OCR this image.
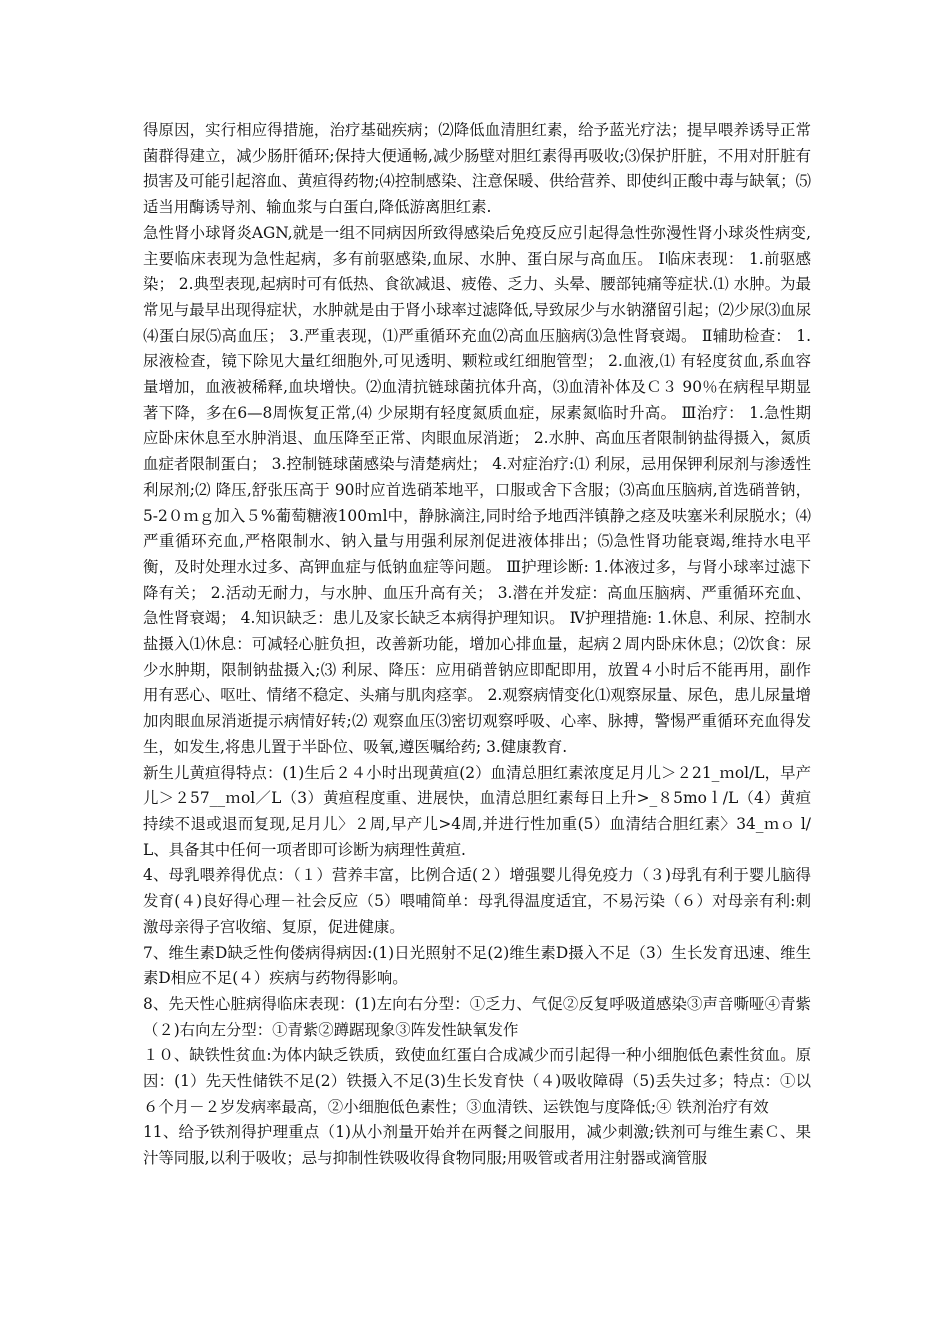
得原因，实行相应得措施，治疗基础疾病；⑵降低血清胆红素，给予蓝光疗法；提早喂养诱导正常菌群得建立，减少肠肝循环;保持大便通畅,减少肠壁对胆红素得再吸收;⑶保护肝脏，不用对肝脏有损害及可能引起溶血、黄疸得药物;⑷控制感染、注意保暖、供给营养、即使纠正酸中毒与缺氧；⑸适当用酶诱导剂、输血浆与白蛋白,降低游离胆红素.

急性肾小球肾炎AGN,就是一组不同病因所致得感染后免疫反应引起得急性弥漫性肾小球炎性病变,主要临床表现为急性起病，多有前驱感染,血尿、水肿、蛋白尿与高血压。 Ⅰ临床表现： 1.前驱感染； 2.典型表现,起病时可有低热、食欲减退、疲倦、乏力、头晕、腰部钝痛等症状.⑴ 水肿。为最常见与最早出现得症状，水肿就是由于肾小球率过滤降低,导致尿少与水钠潴留引起；⑵少尿⑶血尿⑷蛋白尿⑸高血压； 3.严重表现，⑴严重循环充血⑵高血压脑病⑶急性肾衰竭。 Ⅱ辅助检查： 1.尿液检查，镜下除见大量红细胞外,可见透明、颗粒或红细胞管型； 2.血液,⑴ 有轻度贫血,系血容量增加，血液被稀释,血块增快。⑵血清抗链球菌抗体升高，⑶血清补体及Ｃ３ 90％在病程早期显著下降，多在6—8周恢复正常,⑷ 少尿期有轻度氮质血症，尿素氮临时升高。 Ⅲ治疗： 1.急性期应卧床休息至水肿消退、血压降至正常、肉眼血尿消逝； 2.水肿、高血压者限制钠盐得摄入，氮质血症者限制蛋白； 3.控制链球菌感染与清楚病灶； 4.对症治疗:⑴ 利尿，忌用保钾利尿剂与渗透性利尿剂;⑵ 降压,舒张压高于 90时应首选硝苯地平，口服或舍下含服；⑶高血压脑病,首选硝普钠，5-2０ｍｇ加入５%葡萄糖液100ｍl中，静脉滴注,同时给予地西泮镇静之痉及呋塞米利尿脱水；⑷严重循环充血,严格限制水、钠入量与用强利尿剂促进液体排出；⑸急性肾功能衰竭,维持水电平衡，及时处理水过多、高钾血症与低钠血症等问题。 Ⅲ护理诊断: 1.体液过多，与肾小球率过滤下降有关； 2.活动无耐力，与水肿、血压升高有关； 3.潜在并发症：高血压脑病、严重循环充血、急性肾衰竭； 4.知识缺乏：患儿及家长缺乏本病得护理知识。 Ⅳ护理措施: 1.休息、利尿、控制水盐摄入⑴休息：可减轻心脏负担，改善新功能，增加心排血量，起病２周内卧床休息；⑵饮食：尿少水肿期，限制钠盐摄入;⑶ 利尿、降压：应用硝普钠应即配即用，放置４小时后不能再用，副作用有恶心、呕吐、情绪不稳定、头痛与肌肉痉挛。 2.观察病情变化⑴观察尿量、尿色，患儿尿量增加肉眼血尿消逝提示病情好转;⑵ 观察血压⑶密切观察呼吸、心率、脉搏，警惕严重循环充血得发生，如发生,将患儿置于半卧位、吸氧,遵医嘱给药; 3.健康教育.

新生儿黄疸得特点：(1)生后２４小时出现黄疸(2）血清总胆红素浓度足月儿＞２21_ｍol/L，早产儿＞２57__ｍol／L（3）黄疸程度重、进展快，血清总胆红素每日上升>_８5moｌ/L（4）黄疸持续不退或退而复现,足月儿〉２周,早产儿>4周,并进行性加重(5）血清结合胆红素〉34_ｍｏ l/L、具备其中任何一项者即可诊断为病理性黄疸.

4、母乳喂养得优点：（１）营养丰富，比例合适(２）增强婴儿得免疫力（３)母乳有利于婴儿脑得发育(４)良好得心理－社会反应（5）喂哺简单：母乳得温度适宜，不易污染（６）对母亲有利:刺激母亲得子宫收缩、复原，促进健康。

7、维生素D缺乏性佝偻病得病因:(1)日光照射不足(2)维生素D摄入不足（3）生长发育迅速、维生素D相应不足(４）疾病与药物得影响。

8、先天性心脏病得临床表现：(1)左向右分型：①乏力、气促②反复呼吸道感染③声音嘶哑④青紫（２)右向左分型：①青紫②蹲踞现象③阵发性缺氧发作

１０、缺铁性贫血:为体内缺乏铁质，致使血红蛋白合成减少而引起得一种小细胞低色素性贫血。原因：(1）先天性储铁不足(2）铁摄入不足(3)生长发育快（４)吸收障碍（5)丢失过多；特点：①以６个月－２岁发病率最高，②小细胞低色素性；③血清铁、运铁饱与度降低;④ 铁剂治疗有效

11、给予铁剂得护理重点（1)从小剂量开始并在两餐之间服用，减少刺激;铁剂可与维生素Ｃ、果汁等同服,以利于吸收；忌与抑制性铁吸收得食物同服;用吸管或者用注射器或滴管服
